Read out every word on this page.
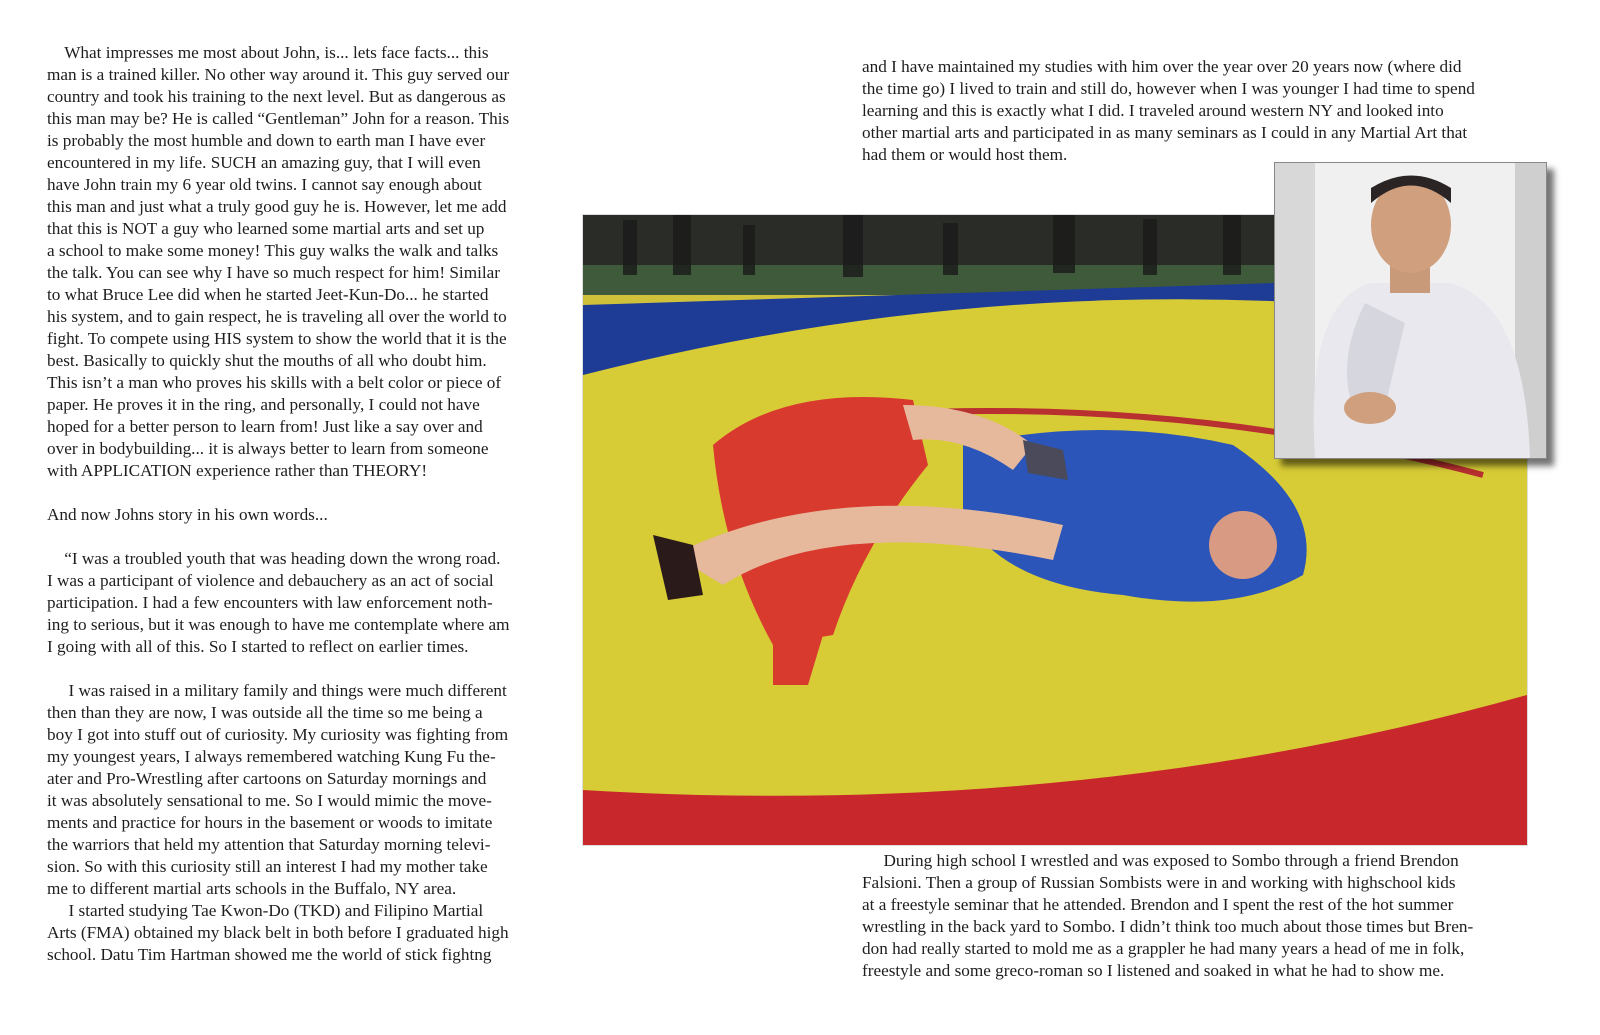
What impresses me most about John, is... lets face facts... this
man is a trained killer. No other way around it. This guy served our
country and took his training to the next level. But as dangerous as
this man may be? He is called “Gentleman” John for a reason. This
is probably the most humble and down to earth man I have ever
encountered in my life. SUCH an amazing guy, that I will even
have John train my 6 year old twins. I cannot say enough about
this man and just what a truly good guy he is. However, let me add
that this is NOT a guy who learned some martial arts and set up
a school to make some money! This guy walks the walk and talks
the talk. You can see why I have so much respect for him! Similar
to what Bruce Lee did when he started Jeet-Kun-Do... he started
his system, and to gain respect, he is traveling all over the world to
fight. To compete using HIS system to show the world that it is the
best. Basically to quickly shut the mouths of all who doubt him.
This isn’t a man who proves his skills with a belt color or piece of
paper. He proves it in the ring, and personally, I could not have
hoped for a better person to learn from! Just like a say over and
over in bodybuilding... it is always better to learn from someone
with APPLICATION experience rather than THEORY!
And now Johns story in his own words...
“I was a troubled youth that was heading down the wrong road.
I was a participant of violence and debauchery as an act of social
participation. I had a few encounters with law enforcement noth-
ing to serious, but it was enough to have me contemplate where am
I going with all of this. So I started to reflect on earlier times.
I was raised in a military family and things were much different
then than they are now, I was outside all the time so me being a
boy I got into stuff out of curiosity. My curiosity was fighting from
my youngest years, I always remembered watching Kung Fu the-
ater and Pro-Wrestling after cartoons on Saturday mornings and
it was absolutely sensational to me. So I would mimic the move-
ments and practice for hours in the basement or woods to imitate
the warriors that held my attention that Saturday morning televi-
sion. So with this curiosity still an interest I had my mother take
me to different martial arts schools in the Buffalo, NY area.
I started studying Tae Kwon-Do (TKD) and Filipino Martial
Arts (FMA) obtained my black belt in both before I graduated high
school. Datu Tim Hartman showed me the world of stick fightng
and I have maintained my studies with him over the year over 20 years now (where did
the time go) I lived to train and still do, however when I was younger I had time to spend
learning and this is exactly what I did. I traveled around western NY and looked into
other martial arts and participated in as many seminars as I could in any Martial Art that
had them or would host them.
During high school I wrestled and was exposed to Sombo through a friend Brendon
Falsioni. Then a group of Russian Sombists were in and working with highschool kids
at a freestyle seminar that he attended. Brendon and I spent the rest of the hot summer
wrestling in the back yard to Sombo. I didn’t think too much about those times but Bren-
don had really started to mold me as a grappler he had many years a head of me in folk,
freestyle and some greco-roman so I listened and soaked in what he had to show me.
